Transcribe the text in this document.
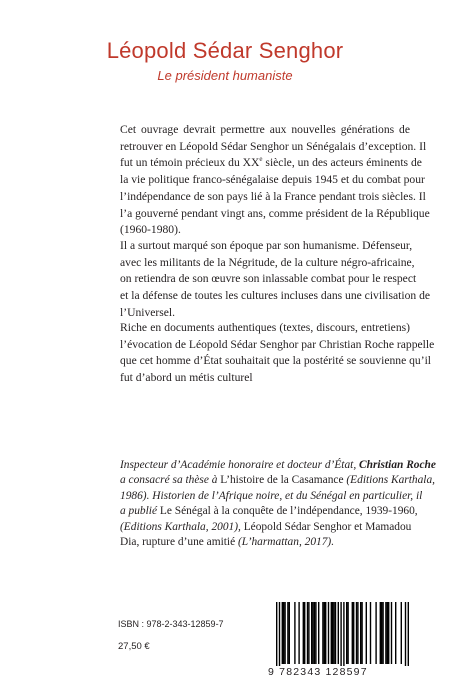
Léopold Sédar Senghor
Le président humaniste
Cet ouvrage devrait permettre aux nouvelles générations de
retrouver en Léopold Sédar Senghor un Sénégalais d’exception. Il
fut un témoin précieux du XXe siècle, un des acteurs éminents de
la vie politique franco-sénégalaise depuis 1945 et du combat pour
l’indépendance de son pays lié à la France pendant trois siècles. Il
l’a gouverné pendant vingt ans, comme président de la République
(1960-1980).
Il a surtout marqué son époque par son humanisme. Défenseur,
avec les militants de la Négritude, de la culture négro-africaine,
on retiendra de son œuvre son inlassable combat pour le respect
et la défense de toutes les cultures incluses dans une civilisation de
l’Universel.
Riche en documents authentiques (textes, discours, entretiens)
l’évocation de Léopold Sédar Senghor par Christian Roche rappelle
que cet homme d’État souhaitait que la postérité se souvienne qu’il
fut d’abord un métis culturel
Inspecteur d’Académie honoraire et docteur d’État, Christian Roche
a consacré sa thèse à L’histoire de la Casamance (Editions Karthala,
1986). Historien de l’Afrique noire, et du Sénégal en particulier, il
a publié Le Sénégal à la conquête de l’indépendance, 1939-1960,
(Editions Karthala, 2001), Léopold Sédar Senghor et Mamadou
Dia, rupture d’une amitié (L’harmattan, 2017).
ISBN : 978-2-343-12859-7
27,50 €
9 782343 128597
